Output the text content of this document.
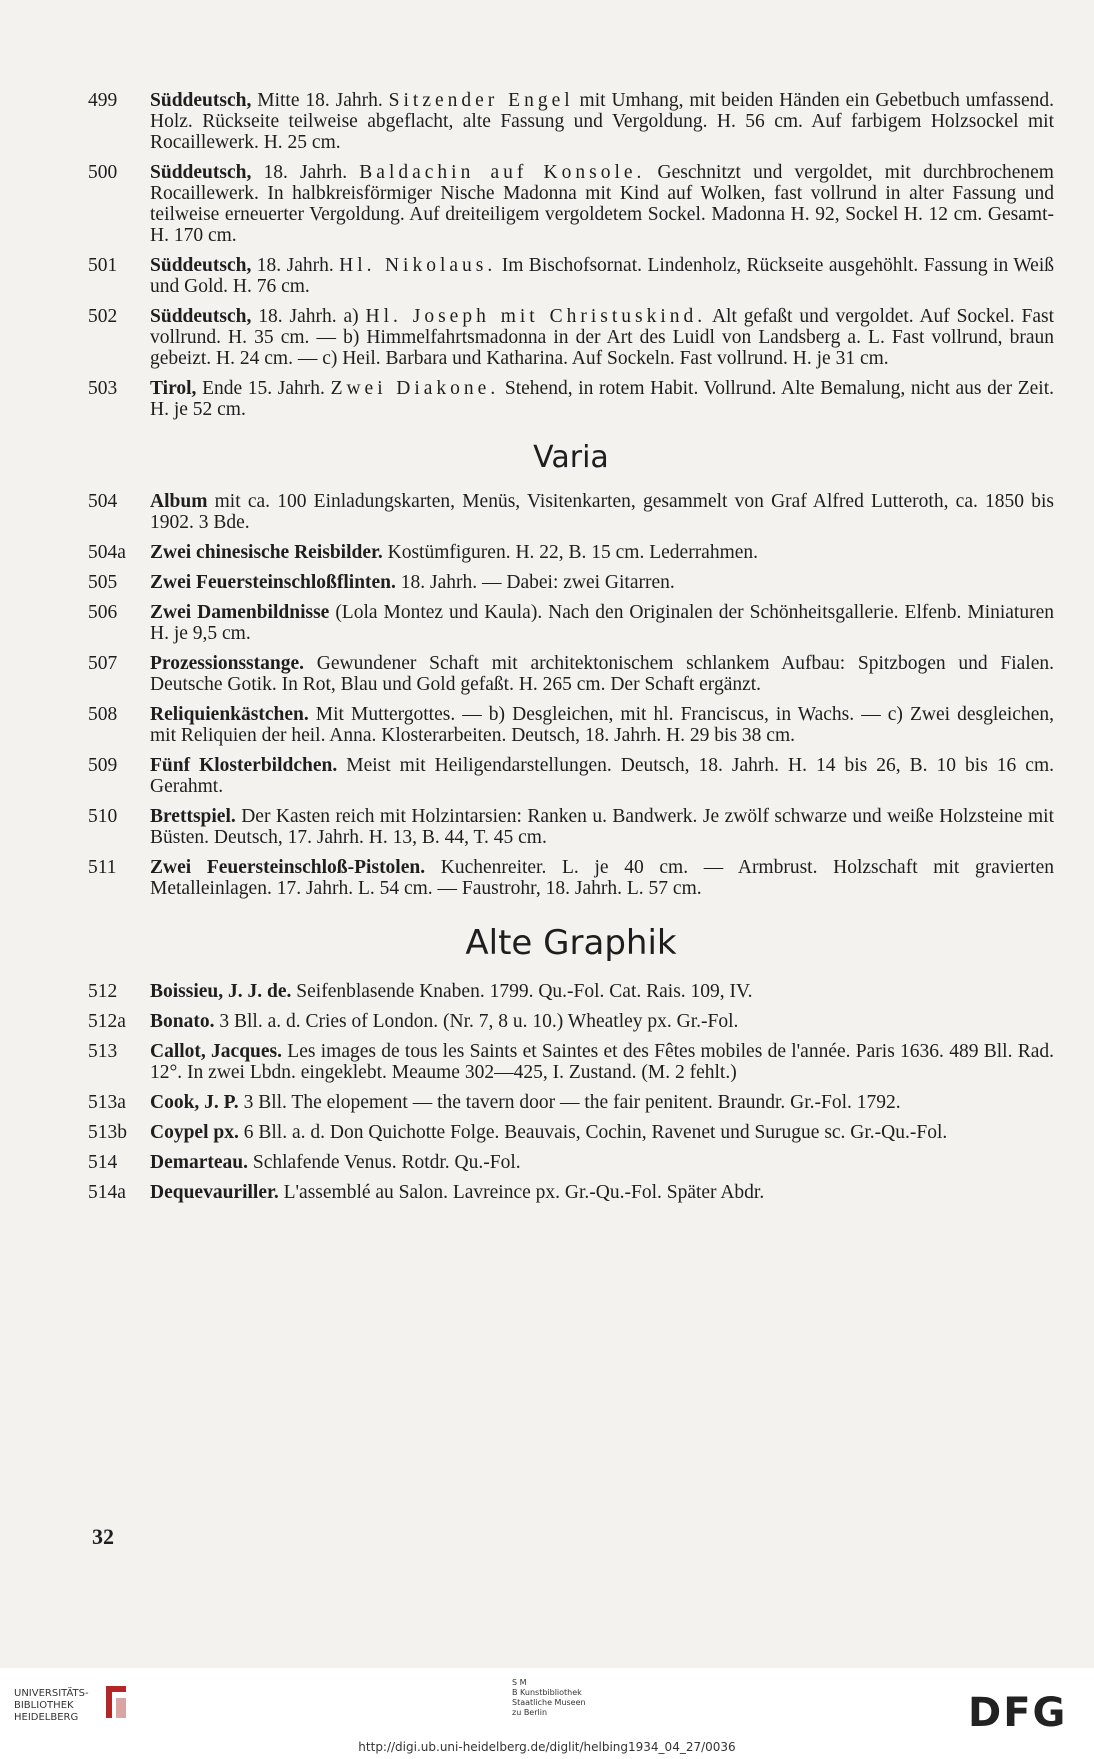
499	Süddeutsch, Mitte 18. Jahrh. Sitzender Engel mit Umhang, mit beiden Händen ein Gebetbuch umfassend. Holz. Rückseite teilweise abgeflacht, alte Fassung und Vergoldung. H. 56 cm. Auf farbigem Holzsockel mit Rocaillewerk. H. 25 cm.
500	Süddeutsch, 18. Jahrh. Baldachin auf Konsole. Geschnitzt und vergoldet, mit durchbrochenem Rocaillewerk. In halbkreisförmiger Nische Madonna mit Kind auf Wolken, fast vollrund in alter Fassung und teilweise erneuerter Vergoldung. Auf dreiteiligem vergoldetem Sockel. Madonna H. 92, Sockel H. 12 cm. Gesamt-H. 170 cm.
501	Süddeutsch, 18. Jahrh. Hl. Nikolaus. Im Bischofsornat. Lindenholz, Rückseite ausgehöhlt. Fassung in Weiß und Gold. H. 76 cm.
502	Süddeutsch, 18. Jahrh. a) Hl. Joseph mit Christuskind. Alt gefaßt und vergoldet. Auf Sockel. Fast vollrund. H. 35 cm. — b) Himmelfahrtsmadonna in der Art des Luidl von Landsberg a. L. Fast vollrund, braun gebeizt. H. 24 cm. — c) Heil. Barbara und Katharina. Auf Sockeln. Fast vollrund. H. je 31 cm.
503	Tirol, Ende 15. Jahrh. Zwei Diakone. Stehend, in rotem Habit. Vollrund. Alte Bemalung, nicht aus der Zeit. H. je 52 cm.
Varia
504	Album mit ca. 100 Einladungskarten, Menüs, Visitenkarten, gesammelt von Graf Alfred Lutteroth, ca. 1850 bis 1902. 3 Bde.
504a	Zwei chinesische Reisbilder. Kostümfiguren. H. 22, B. 15 cm. Lederrahmen.
505	Zwei Feuersteinschloßflinten. 18. Jahrh. — Dabei: zwei Gitarren.
506	Zwei Damenbildnisse (Lola Montez und Kaula). Nach den Originalen der Schönheitsgallerie. Elfenb. Miniaturen H. je 9,5 cm.
507	Prozessionsstange. Gewundener Schaft mit architektonischem schlankem Aufbau: Spitzbogen und Fialen. Deutsche Gotik. In Rot, Blau und Gold gefaßt. H. 265 cm. Der Schaft ergänzt.
508	Reliquienkästchen. Mit Muttergottes. — b) Desgleichen, mit hl. Franciscus, in Wachs. — c) Zwei desgleichen, mit Reliquien der heil. Anna. Klosterarbeiten. Deutsch, 18. Jahrh. H. 29 bis 38 cm.
509	Fünf Klosterbildchen. Meist mit Heiligendarstellungen. Deutsch, 18. Jahrh. H. 14 bis 26, B. 10 bis 16 cm. Gerahmt.
510	Brettspiel. Der Kasten reich mit Holzintarsien: Ranken u. Bandwerk. Je zwölf schwarze und weiße Holzsteine mit Büsten. Deutsch, 17. Jahrh. H. 13, B. 44, T. 45 cm.
511	Zwei Feuersteinschloß-Pistolen. Kuchenreiter. L. je 40 cm. — Armbrust. Holzschaft mit gravierten Metalleinlagen. 17. Jahrh. L. 54 cm. — Faustrohr, 18. Jahrh. L. 57 cm.
Alte Graphik
512	Boissieu, J. J. de. Seifenblasende Knaben. 1799. Qu.-Fol. Cat. Rais. 109, IV.
512a	Bonato. 3 Bll. a. d. Cries of London. (Nr. 7, 8 u. 10.) Wheatley px. Gr.-Fol.
513	Callot, Jacques. Les images de tous les Saints et Saintes et des Fêtes mobiles de l'année. Paris 1636. 489 Bll. Rad. 12°. In zwei Lbdn. eingeklebt. Meaume 302—425, I. Zustand. (M. 2 fehlt.)
513a	Cook, J. P. 3 Bll. The elopement — the tavern door — the fair penitent. Braundr. Gr.-Fol. 1792.
513b	Coypel px. 6 Bll. a. d. Don Quichotte Folge. Beauvais, Cochin, Ravenet und Surugue sc. Gr.-Qu.-Fol.
514	Demarteau. Schlafende Venus. Rotdr. Qu.-Fol.
514a	Dequevauriller. L'assemblé au Salon. Lavreince px. Gr.-Qu.-Fol. Später Abdr.
32
UNIVERSITÄTS-
BIBLIOTHEK
HEIDELBERG
S M
B Kunstbibliothek
Staatliche Museen
zu Berlin	DFG
http://digi.ub.uni-heidelberg.de/diglit/helbing1934_04_27/0036
